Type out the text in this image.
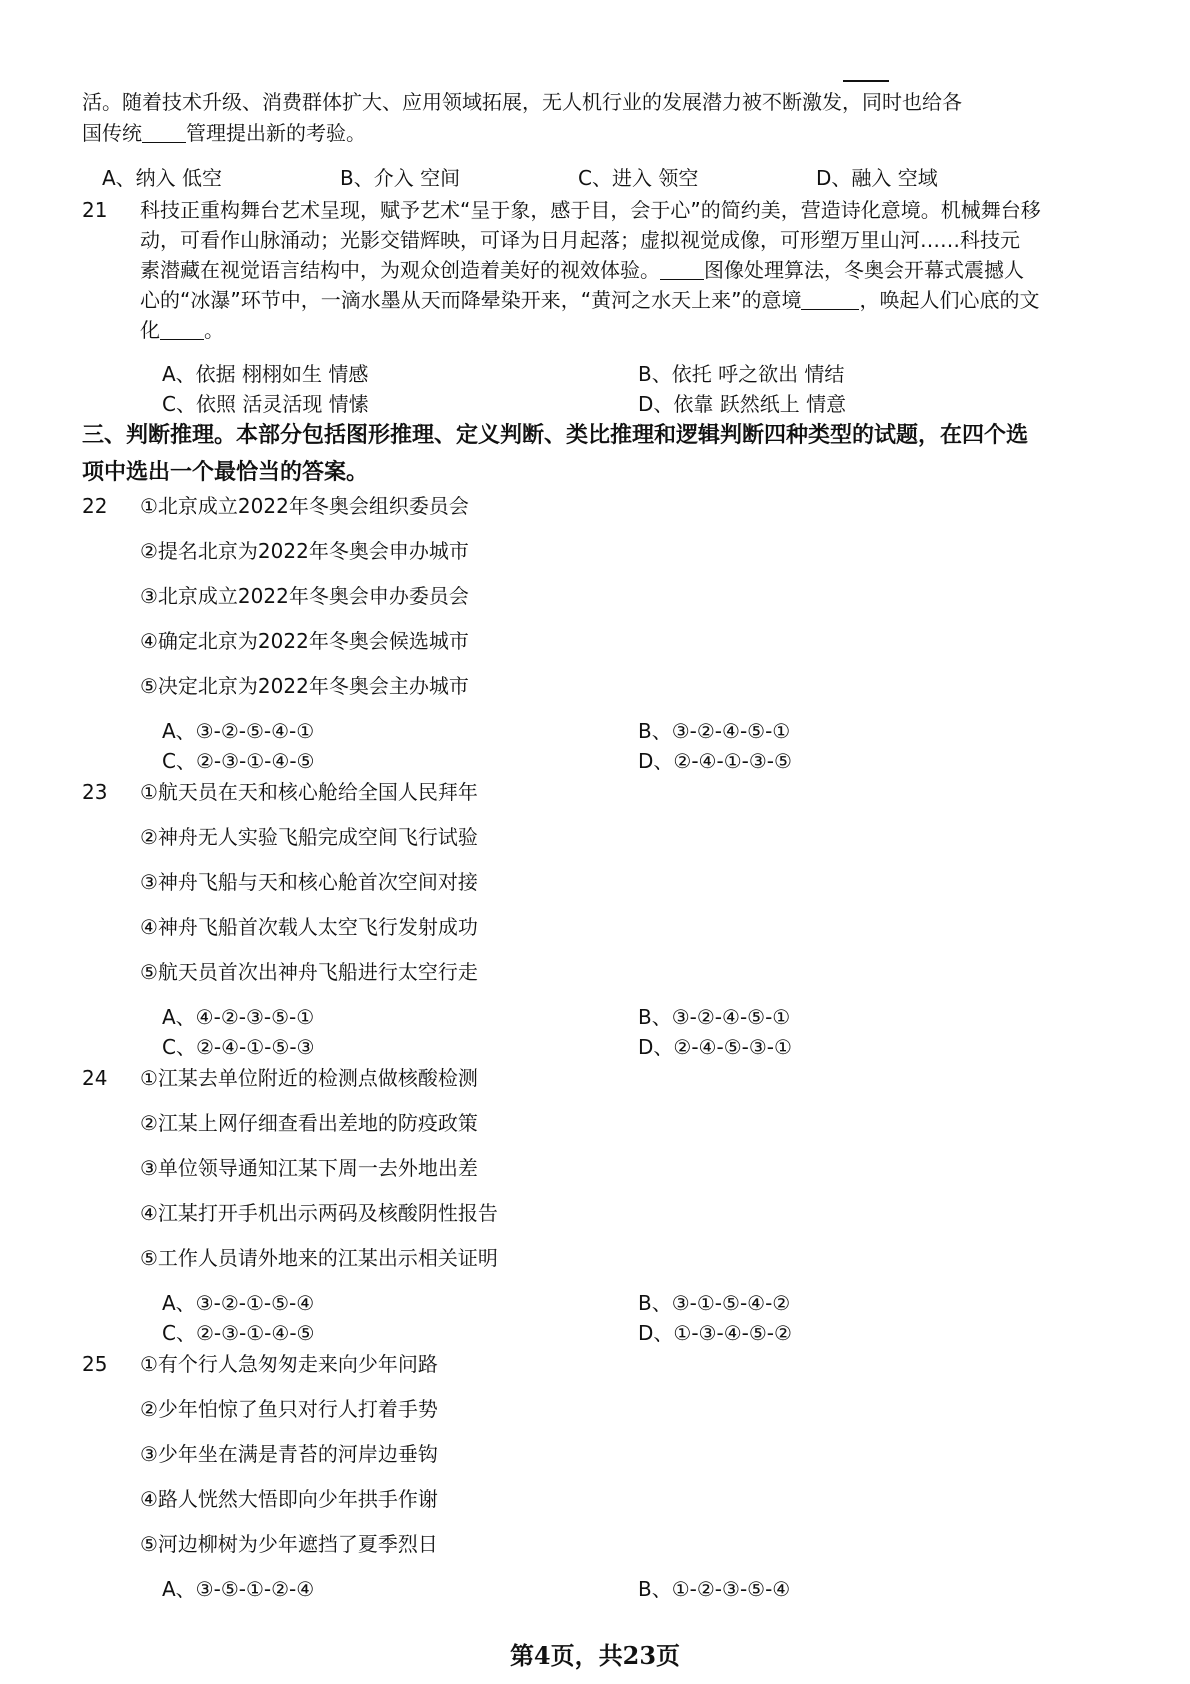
活。随着技术升级、消费群体扩大、应用领域拓展，无人机行业的发展潜力被不断激发，同时也给各
国传统 管理提出新的考验。
A、纳入 低空	B、介入 空间	C、进入 领空	D、融入 空域
21 科技正重构舞台艺术呈现，赋予艺术“呈于象，感于目，会于心”的简约美，营造诗化意境。机械舞台移
动，可看作山脉涌动；光影交错辉映，可译为日月起落；虚拟视觉成像，可形塑万里山河……科技元
素潜藏在视觉语言结构中，为观众创造着美好的视效体验。 图像处理算法，冬奥会开幕式震撼人
心的“冰瀑”环节中，一滴水墨从天而降晕染开来，“黄河之水天上来”的意境	，唤起人们心底的文
化 。
A、依据 栩栩如生 情感	B、依托 呼之欲出 情结
C、依照 活灵活现 情愫	D、依靠 跃然纸上 情意
三、判断推理。本部分包括图形推理、定义判断、类比推理和逻辑判断四种类型的试题，在四个选
项中选出一个最恰当的答案。
22 ①北京成立2022年冬奥会组织委员会
②提名北京为2022年冬奥会申办城市
③北京成立2022年冬奥会申办委员会
④确定北京为2022年冬奥会候选城市
⑤决定北京为2022年冬奥会主办城市
A、③-②-⑤-④-①	B、③-②-④-⑤-①
C、②-③-①-④-⑤	D、②-④-①-③-⑤
23 ①航天员在天和核心舱给全国人民拜年
②神舟无人实验飞船完成空间飞行试验
③神舟飞船与天和核心舱首次空间对接
④神舟飞船首次载人太空飞行发射成功
⑤航天员首次出神舟飞船进行太空行走
A、④-②-③-⑤-①	B、③-②-④-⑤-①
C、②-④-①-⑤-③	D、②-④-⑤-③-①
24 ①江某去单位附近的检测点做核酸检测
②江某上网仔细查看出差地的防疫政策
③单位领导通知江某下周一去外地出差
④江某打开手机出示两码及核酸阴性报告
⑤工作人员请外地来的江某出示相关证明
A、③-②-①-⑤-④	B、③-①-⑤-④-②
C、②-③-①-④-⑤	D、①-③-④-⑤-②
25 ①有个行人急匆匆走来向少年问路
②少年怕惊了鱼只对行人打着手势
③少年坐在满是青苔的河岸边垂钩
④路人恍然大悟即向少年拱手作谢
⑤河边柳树为少年遮挡了夏季烈日
A、③-⑤-①-②-④	B、①-②-③-⑤-④
第4页，共23页
